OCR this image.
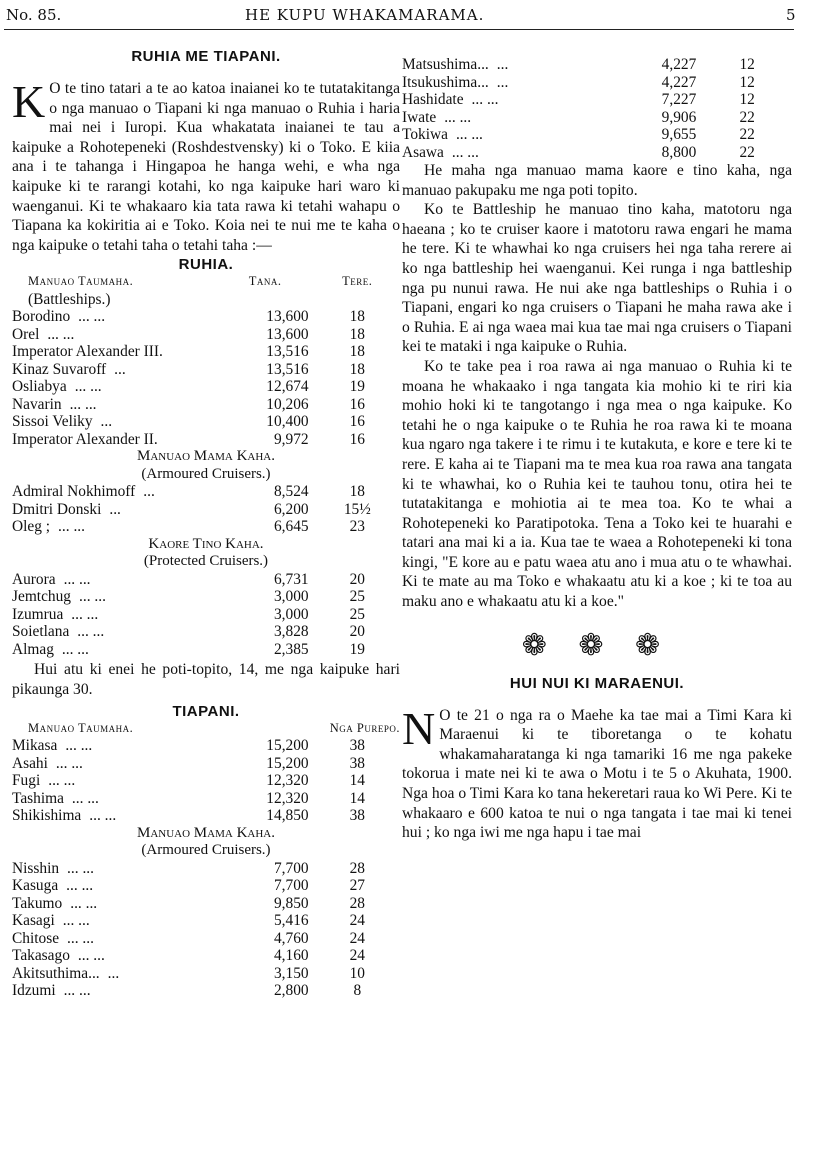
No. 85.	HE KUPU WHAKAMARAMA.	5
RUHIA ME TIAPANI.

K O te tino tatari a te ao katoa inaianei ko te tutatakitanga o nga manuao o Tiapani ki nga manuao o Ruhia i haria mai nei i Iuropi. Kua whakatata inaianei te tau a kaipuke a Rohotepeneki (Roshdestvensky) ki o Toko. E kiia ana i te tahanga i Hingapoa he hanga wehi, e wha nga kaipuke ki te rarangi kotahi, ko nga kaipuke hari waro ki waenganui. Ki te whakaaro kia tata rawa ki tetahi wahapu o Tiapana ka kokiritia ai e Toko. Koia nei te nui me te kaha o nga kaipuke o tetahi taha o tetahi taha :—

RUHIA.
Manuao Taumaha.	Tana.	Tere.
(Battleships.)		
Borodino ... ...	13,600	18
Orel ... ...	13,600	18
Imperator Alexander III.	13,516	18
Kinaz Suvaroff ...	13,516	18
Osliabya ... ...	12,674	19
Navarin ... ...	10,206	16
Sissoi Veliky ...	10,400	16
Imperator Alexander II.	9,972	16
Manuao Mama Kaha.		
(Armoured Cruisers.)		
Admiral Nokhimoff ...	8,524	18
Dmitri Donski ...	6,200	15½
Oleg ; ... ...	6,645	23
Kaore Tino Kaha.		
(Protected Cruisers.)		
Aurora ... ...	6,731	20
Jemtchug ... ...	3,000	25
Izumrua ... ...	3,000	25
Soietlana ... ...	3,828	20
Almag ... ...	2,385	19

Hui atu ki enei he poti-topito, 14, me nga kaipuke hari pikaunga 30.

TIAPANI.
Manuao Taumaha.	Nga Purepo.	
Mikasa ... ...	15,200	38
Asahi ... ...	15,200	38
Fugi ... ...	12,320	14
Tashima ... ...	12,320	14
Shikishima ... ...	14,850	38
Manuao Mama Kaha.		
(Armoured Cruisers.)		
Nisshin ... ...	7,700	28
Kasuga ... ...	7,700	27
Takumo ... ...	9,850	28
Kasagi ... ...	5,416	24
Chitose ... ...	4,760	24
Takasago ... ...	4,160	24
Akitsuthima... ...	3,150	10
Idzumi ... ...	2,800	8
Matsushima... ...	4,227	12
Itsukushima... ...	4,227	12
Hashidate ... ...	7,227	12
Iwate ... ...	9,906	22
Tokiwa ... ...	9,655	22
Asawa ... ...	8,800	22

He maha nga manuao mama kaore e tino kaha, nga manuao pakupaku me nga poti topito.

Ko te Battleship he manuao tino kaha, matotoru nga haeana ; ko te cruiser kaore i matotoru rawa engari he mama he tere. Ki te whawhai ko nga cruisers hei nga taha rerere ai ko nga battleship hei waenganui. Kei runga i nga battleship nga pu nunui rawa. He nui ake nga battleships o Ruhia i o Tiapani, engari ko nga cruisers o Tiapani he maha rawa ake i o Ruhia. E ai nga waea mai kua tae mai nga cruisers o Tiapani kei te mataki i nga kaipuke o Ruhia.

Ko te take pea i roa rawa ai nga manuao o Ruhia ki te moana he whakaako i nga tangata kia mohio ki te riri kia mohio hoki ki te tangotango i nga mea o nga kaipuke. Ko tetahi he o nga kaipuke o te Ruhia he roa rawa ki te moana kua ngaro nga takere i te rimu i te kutakuta, e kore e tere ki te rere. E kaha ai te Tiapani ma te mea kua roa rawa ana tangata ki te whawhai, ko o Ruhia kei te tauhou tonu, otira hei te tutatakitanga e mohiotia ai te mea toa. Ko te whai a Rohotepeneki ko Paratipotoka. Tena a Toko kei te huarahi e tatari ana mai ki a ia. Kua tae te waea a Rohotepeneki ki tona kingi, "E kore au e patu waea atu ano i mua atu o te whawhai. Ki te mate au ma Toko e whakaatu atu ki a koe ; ki te toa au maku ano e whakaatu atu ki a koe."

❁ ❁ ❁
HUI NUI KI MARAENUI.

N O te 21 o nga ra o Maehe ka tae mai a Timi Kara ki Maraenui ki te tiboretanga o te kohatu whakamaharatanga ki nga tamariki 16 me nga pakeke tokorua i mate nei ki te awa o Motu i te 5 o Akuhata, 1900. Nga hoa o Timi Kara ko tana hekeretari raua ko Wi Pere. Ki te whakaaro e 600 katoa te nui o nga tangata i tae mai ki tenei hui ; ko nga iwi me nga hapu i tae mai
